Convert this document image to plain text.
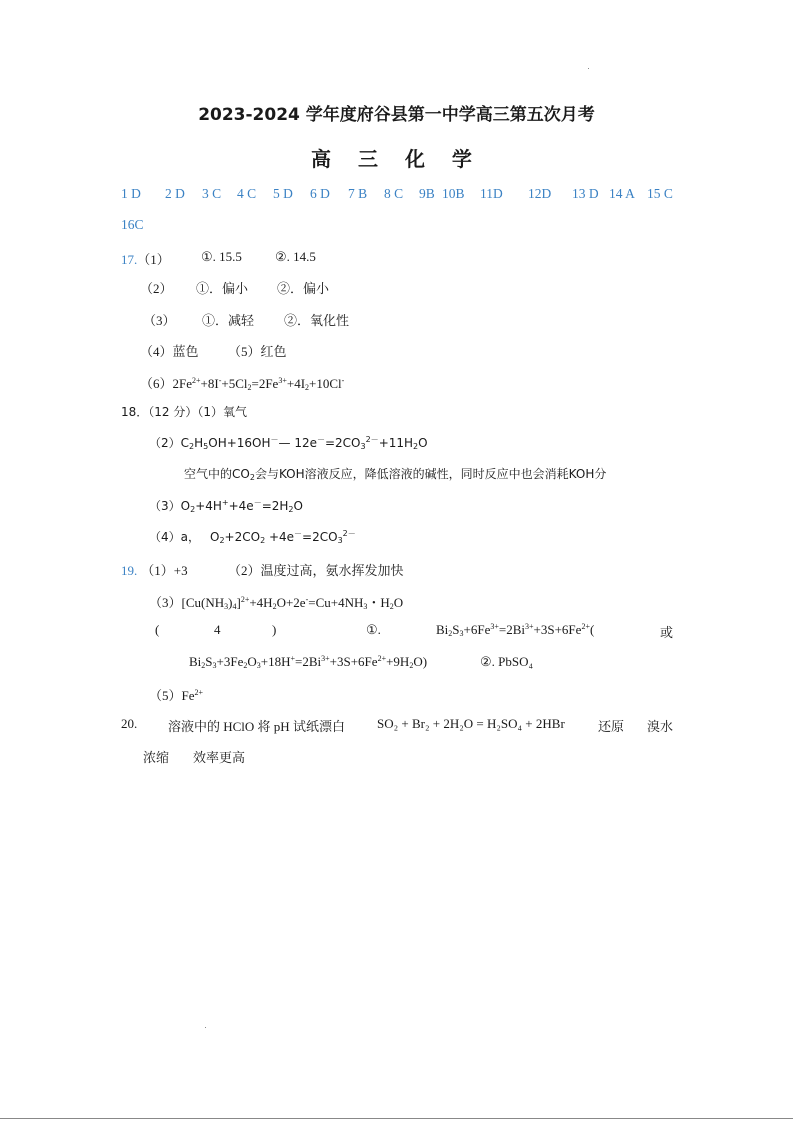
2023-2024 学年度府谷县第一中学高三第五次月考
高 三 化 学
1 D 2 D 3 C 4 C 5 D 6 D 7 B 8 C 9B 10B 11D 12D 13 D 14 A 15 C
16C
17.（1） ①. 15.5	②. 14.5
（2） ①．偏小 ②．偏小
（3） ①．减轻 ②．氧化性
（4）蓝色 （5）红色
$(6)2Fe^{2+}+8I^-+5Cl_2=2Fe^{3+}+4I_2+10Cl^-$
18．（12 分）（1）氧气
$(2)C_2H_5OH+16OH^-—$ $12e^-=2CO_3^{2-}+11H_2O$
空气中的$CO_2$会与KOH溶液反应，降低溶液的碱性，同时反应中也会消耗KOH分
$(3)O_2+4H^++4e^-=2H_2O$
（4）a， $O_2+2CO_2 +4e^-=2CO_3^{2-}$
19. （1）+3	（2）温度过高，氨水挥发加快
$(3)[Cu(NH_3)_4]^{2+}+4H_2O+2e^-=Cu+4NH_3$・$H_2O$
(	4	)	①.	$Bi_2S_3+6Fe^{3+}=2Bi^{3+}+3S+6Fe^{2+}$(	或
$Bi_2S_3+3Fe_2O_3+18H^+=2Bi^{3+}+3S+6Fe^{2+}+9H_2O$)	②. PbSO₄
$(5)Fe^{2+}$
20. 溶液中的 HClO 将 pH 试纸漂白 SO₂ + Br₂ + 2H₂O = H₂SO₄ + 2HBr	还原 溴水
浓缩 效率更高
